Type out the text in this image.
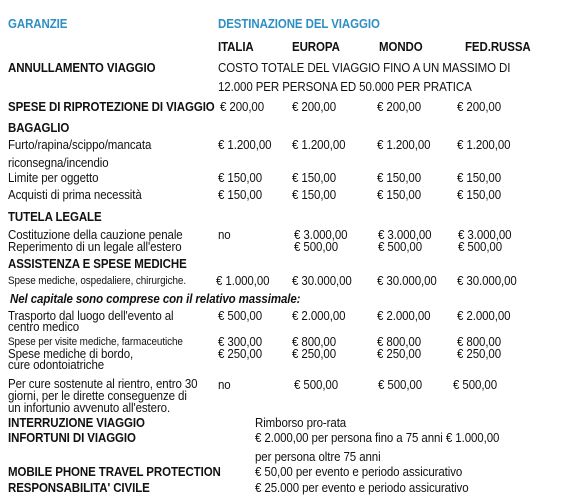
GARANZIE	DESTINAZIONE DEL VIAGGIO
ITALIA	EUROPA	MONDO	FED.RUSSA
ANNULLAMENTO VIAGGIO	COSTO TOTALE DEL VIAGGIO FINO A UN MASSIMO DI
12.000 PER PERSONA ED 50.000 PER PRATICA
SPESE DI RIPROTEZIONE DI VIAGGIO € 200,00 € 200,00	€ 200,00	€ 200,00
BAGAGLIO
Furto/rapina/scippo/mancata	€ 1.200,00 € 1.200,00	€ 1.200,00 € 1.200,00
riconsegna/incendio
Limite per oggetto	€ 150,00 € 150,00	€ 150,00	€ 150,00
Acquisti di prima necessità	€ 150,00 € 150,00	€ 150,00	€ 150,00
TUTELA LEGALE
Costituzione della cauzione penale	no	€ 3.000,00 € 3.000,00 € 3.000,00
Reperimento di un legale all'estero	€ 500,00	€ 500,00	€ 500,00
ASSISTENZA E SPESE MEDICHE
Spese mediche, ospedaliere, chirurgiche. € 1.000,00 € 30.000,00 € 30.000,00 € 30.000,00
Nel capitale sono comprese con il relativo massimale:
Trasporto dal luogo dell'evento al
centro medico
€ 500,00 € 2.000,00	€ 2.000,00 € 2.000,00
Spese per visite mediche, farmaceutiche	€ 300,00 € 800,00	€ 800,00	€ 800,00
Spese mediche di bordo,
cure odontoiatriche
€ 250,00 € 250,00	€ 250,00	€ 250,00
Per cure sostenute al rientro, entro 30
giorni, per le dirette conseguenze di
un infortunio avvenuto all'estero.
no	€ 500,00	€ 500,00 € 500,00
INTERRUZIONE VIAGGIO	Rimborso pro-rata
INFORTUNI DI VIAGGIO	€ 2.000,00 per persona fino a 75 anni € 1.000,00
per persona oltre 75 anni
MOBILE PHONE TRAVEL PROTECTION	€ 50,00 per evento e periodo assicurativo
RESPONSABILITA' CIVILE	€ 25.000 per evento e periodo assicurativo
